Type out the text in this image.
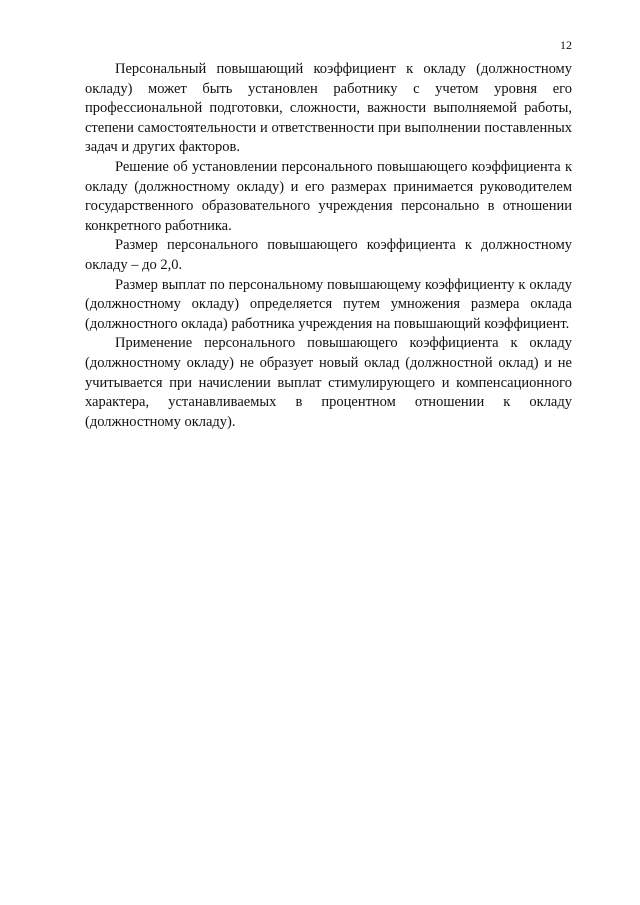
12

Персональный повышающий коэффициент к окладу (должностному окладу) может быть установлен работнику с учетом уровня его профессиональной подготовки, сложности, важности выполняемой работы, степени самостоятельности и ответственности при выполнении поставленных задач и других факторов.

Решение об установлении персонального повышающего коэффициента к окладу (должностному окладу) и его размерах принимается руководителем государственного образовательного учреждения персонально в отношении конкретного работника.

Размер персонального повышающего коэффициента к должностному окладу – до 2,0.

Размер выплат по персональному повышающему коэффициенту к окладу (должностному окладу) определяется путем умножения размера оклада (должностного оклада) работника учреждения на повышающий коэффициент.

Применение персонального повышающего коэффициента к окладу (должностному окладу) не образует новый оклад (должностной оклад) и не учитывается при начислении выплат стимулирующего и компенсационного характера, устанавливаемых в процентном отношении к окладу (должностному окладу).
